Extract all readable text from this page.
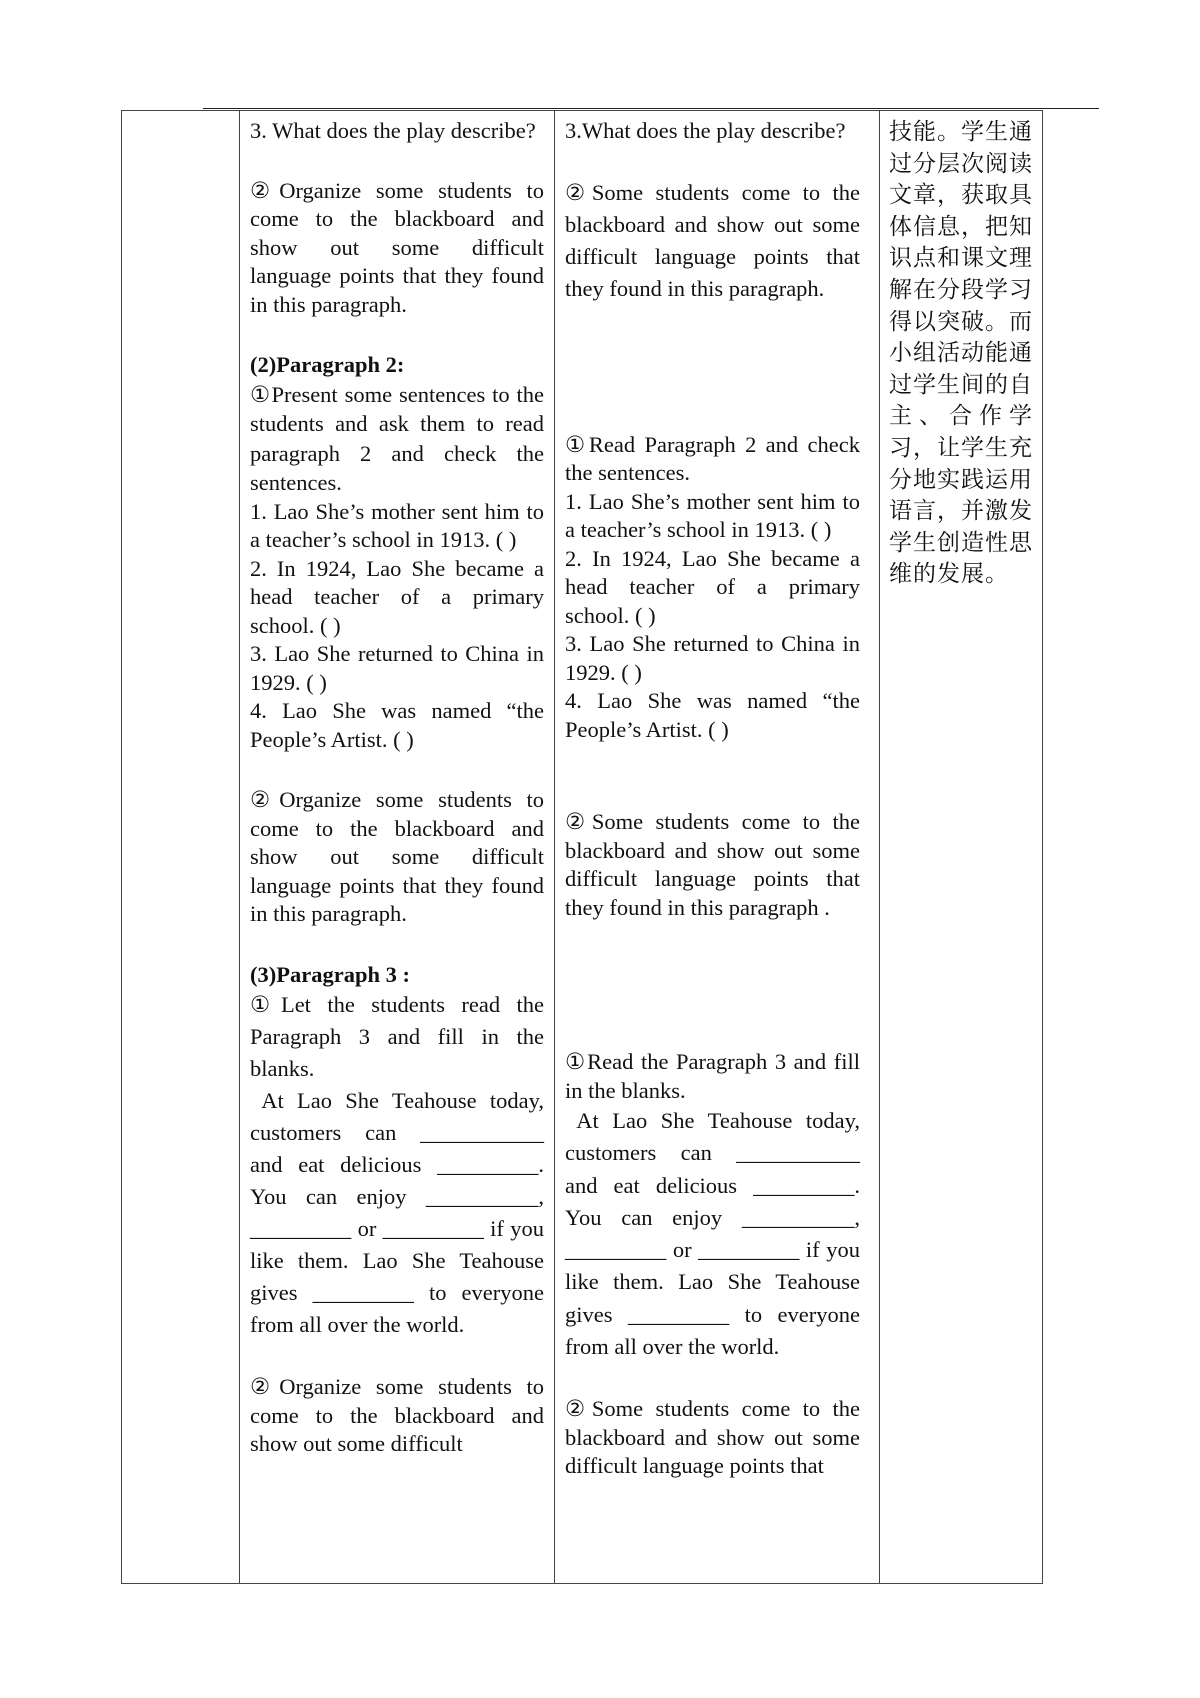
3. What does the play describe?

②Organize some students to come to the blackboard and show out some difficult language points that they found in this paragraph.

(2)Paragraph 2:

①Present some sentences to the students and ask them to read paragraph 2 and check the sentences.

1. Lao She’s mother sent him to a teacher’s school in 1913. ( )

2. In 1924, Lao She became a head teacher of a primary school. ( )

3. Lao She returned to China in 1929. ( )

4. Lao She was named “the People’s Artist. ( )

②Organize some students to come to the blackboard and show out some difficult language points that they found in this paragraph.

(3)Paragraph 3 :

①Let the students read the Paragraph 3 and fill in the blanks.

At Lao She Teahouse today, customers can ___________ and eat delicious _________. You can enjoy __________, _________ or _________ if you like them. Lao She Teahouse gives _________ to everyone from all over the world.

②Organize some students to come to the blackboard and show out some difficult

3.What does the play describe?

②Some students come to the blackboard and show out some difficult language points that they found in this paragraph.

①Read Paragraph 2 and check the sentences.

1. Lao She’s mother sent him to a teacher’s school in 1913. ( )

2. In 1924, Lao She became a head teacher of a primary school. ( )

3. Lao She returned to China in 1929. ( )

4. Lao She was named “the People’s Artist. ( )

②Some students come to the blackboard and show out some difficult language points that they found in this paragraph .

①Read the Paragraph 3 and fill in the blanks.

At Lao She Teahouse today, customers can ___________ and eat delicious _________. You can enjoy __________, _________ or _________ if you like them. Lao She Teahouse gives _________ to everyone from all over the world.

②Some students come to the blackboard and show out some difficult language points that

技能。学生通过分层次阅读文章，获取具体信息，把知识点和课文理解在分段学习得以突破。而小组活动能通过学生间的自主、合作学习，让学生充分地实践运用语言，并激发学生创造性思维的发展。
